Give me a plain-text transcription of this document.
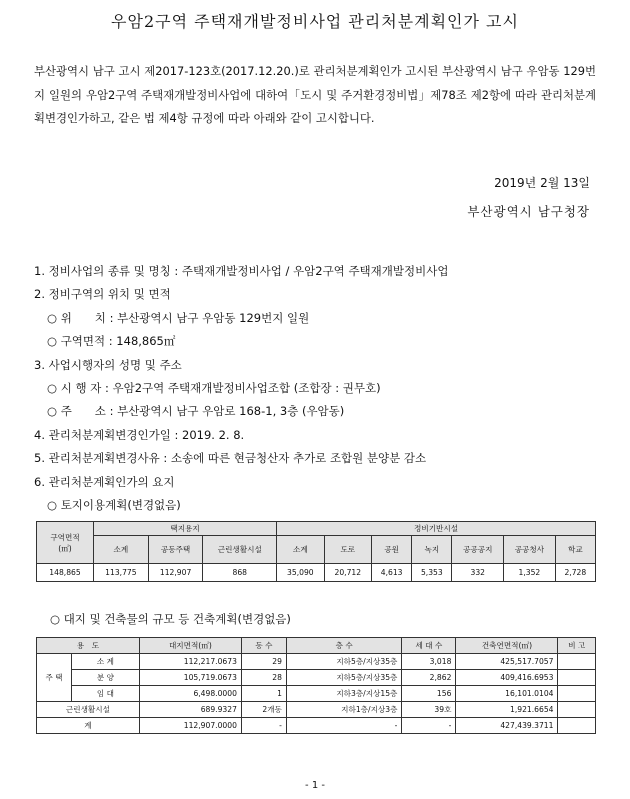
우암2구역 주택재개발정비사업 관리처분계획인가 고시

부산광역시 남구 고시 제2017-123호(2017.12.20.)로 관리처분계획인가 고시된 부산광역시 남구 우암동 129번지 일원의 우암2구역 주택재개발정비사업에 대하여「도시 및 주거환경정비법」제78조 제2항에 따라 관리처분계획변경인가하고, 같은 법 제4항 규정에 따라 아래와 같이 고시합니다.

2019년 2월 13일
부산광역시 남구청장
1. 정비사업의 종류 및 명칭 : 주택재개발정비사업 / 우암2구역 주택재개발정비사업
2. 정비구역의 위치 및 면적
○ 위　　치 : 부산광역시 남구 우암동 129번지 일원
○ 구역면적 : 148,865㎡
3. 사업시행자의 성명 및 주소
○ 시 행 자 : 우암2구역 주택재개발정비사업조합 (조합장 : 권무호)
○ 주　　소 : 부산광역시 남구 우암로 168-1, 3층 (우암동)
4. 관리처분계획변경인가일 : 2019. 2. 8.
5. 관리처분계획변경사유 : 소송에 따른 현금청산자 추가로 조합원 분양분 감소
6. 관리처분계획인가의 요지
○ 토지이용계획(변경없음)
구역면적
(㎡)	택지용지			정비기반시설						
	소계	공동주택	근린생활시설	소계	도로	공원	녹지	공공공지	공공청사	학교
148,865	113,775	112,907	868	35,090	20,712	4,613	5,353	332	1,352	2,728
○ 대지 및 건축물의 규모 등 건축계획(변경없음)
용　도		대지면적(㎡)	동 수	층 수	세 대 수	건축연면적(㎡)	비 고
주 택	소 계	112,217.0673	29	지하5층/지상35층	3,018	425,517.7057	
	분 양	105,719.0673	28	지하5층/지상35층	2,862	409,416.6953	
	임 대	6,498.0000	1	지하3층/지상15층	156	16,101.0104	
근린생활시설		689.9327	2개동	지하1층/지상3층	39호	1,921.6654	
계		112,907.0000	-	-	-	427,439.3711	
- 1 -
